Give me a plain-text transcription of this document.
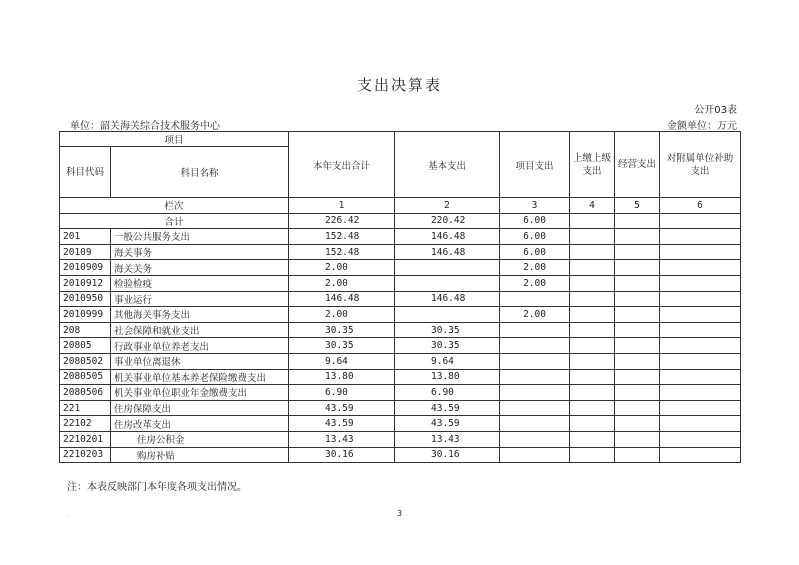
支出决算表
公开03表
单位：韶关海关综合技术服务中心	金额单位：万元
项目		本年支出合计	基本支出	项目支出	上缴上级支出	经营支出	对附属单位补助支出
科目代码	科目名称						
栏次		1	2	3	4	5	6
合计		226.42	220.42	6.00			
201	一般公共服务支出	152.48	146.48	6.00			
20109	海关事务	152.48	146.48	6.00			
2010909	海关关务	2.00		2.00			
2010912	检验检疫	2.00		2.00			
2010950	事业运行	146.48	146.48				
2010999	其他海关事务支出	2.00		2.00			
208	社会保障和就业支出	30.35	30.35				
20805	行政事业单位养老支出	30.35	30.35				
2080502	事业单位离退休	9.64	9.64				
2080505	机关事业单位基本养老保险缴费支出	13.80	13.80				
2080506	机关事业单位职业年金缴费支出	6.90	6.90				
221	住房保障支出	43.59	43.59				
22102	住房改革支出	43.59	43.59				
2210201	住房公积金	13.43	13.43				
2210203	购房补贴	30.16	30.16				
注：本表反映部门本年度各项支出情况。
.	3
